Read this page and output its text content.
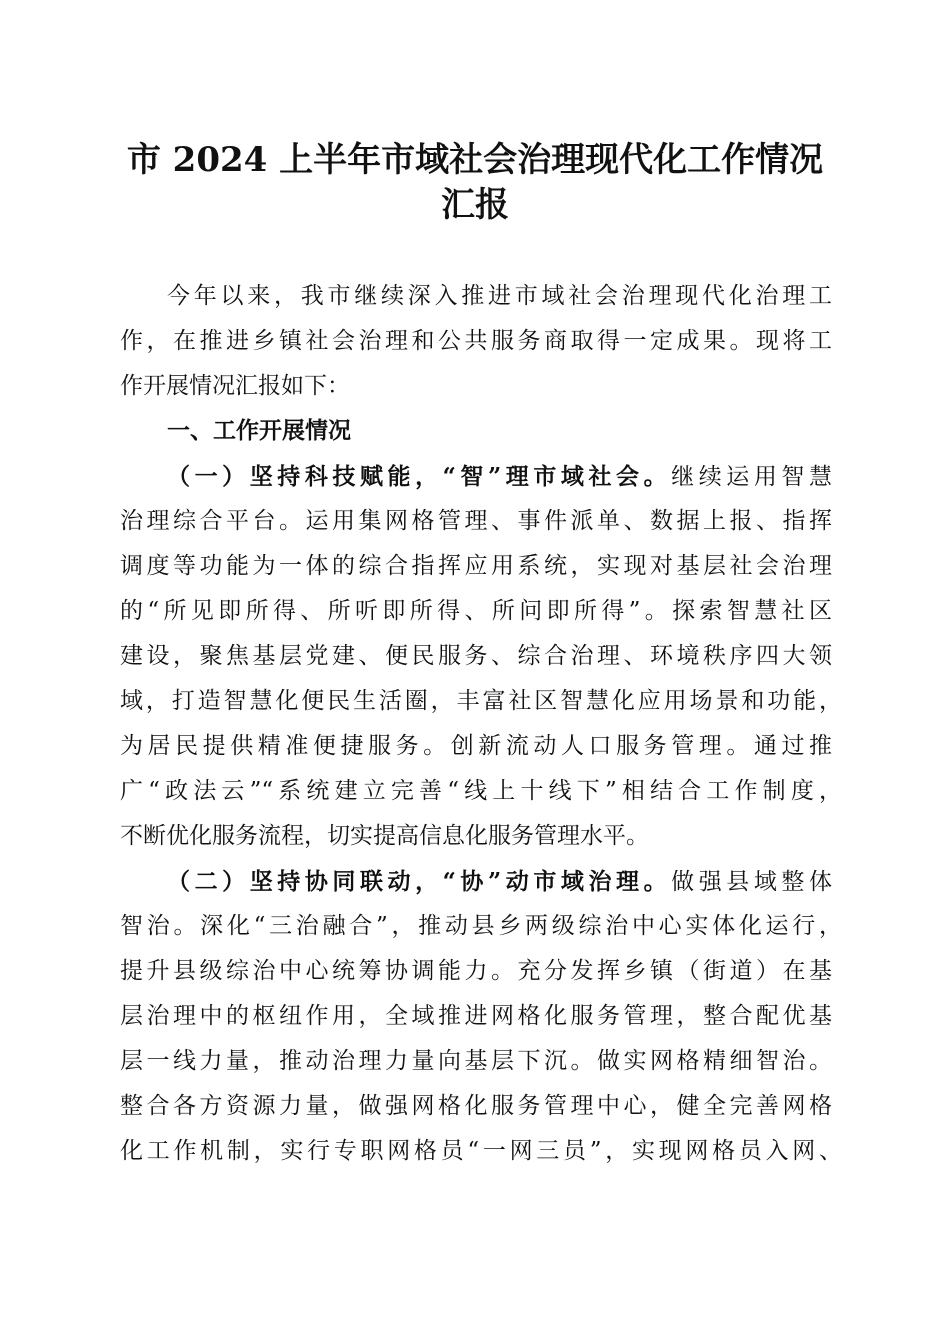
市 2024 上半年市域社会治理现代化工作情况
汇报
今年以来，我市继续深入推进市域社会治理现代化治理工
作，在推进乡镇社会治理和公共服务商取得一定成果。现将工
作开展情况汇报如下：
一、工作开展情况
（一）坚持科技赋能，“智”理市域社会。继续运用智慧
治理综合平台。运用集网格管理、事件派单、数据上报、指挥
调度等功能为一体的综合指挥应用系统，实现对基层社会治理
的“所见即所得、所听即所得、所问即所得”。探索智慧社区
建设，聚焦基层党建、便民服务、综合治理、环境秩序四大领
域，打造智慧化便民生活圈，丰富社区智慧化应用场景和功能，
为居民提供精准便捷服务。创新流动人口服务管理。通过推
广“政法云”“系统建立完善“线上十线下”相结合工作制度，
不断优化服务流程，切实提高信息化服务管理水平。
（二）坚持协同联动，“协”动市域治理。做强县域整体
智治。深化“三治融合”，推动县乡两级综治中心实体化运行，
提升县级综治中心统筹协调能力。充分发挥乡镇（街道）在基
层治理中的枢纽作用，全域推进网格化服务管理，整合配优基
层一线力量，推动治理力量向基层下沉。做实网格精细智治。
整合各方资源力量，做强网格化服务管理中心，健全完善网格
化工作机制，实行专职网格员“一网三员”，实现网格员入网、
